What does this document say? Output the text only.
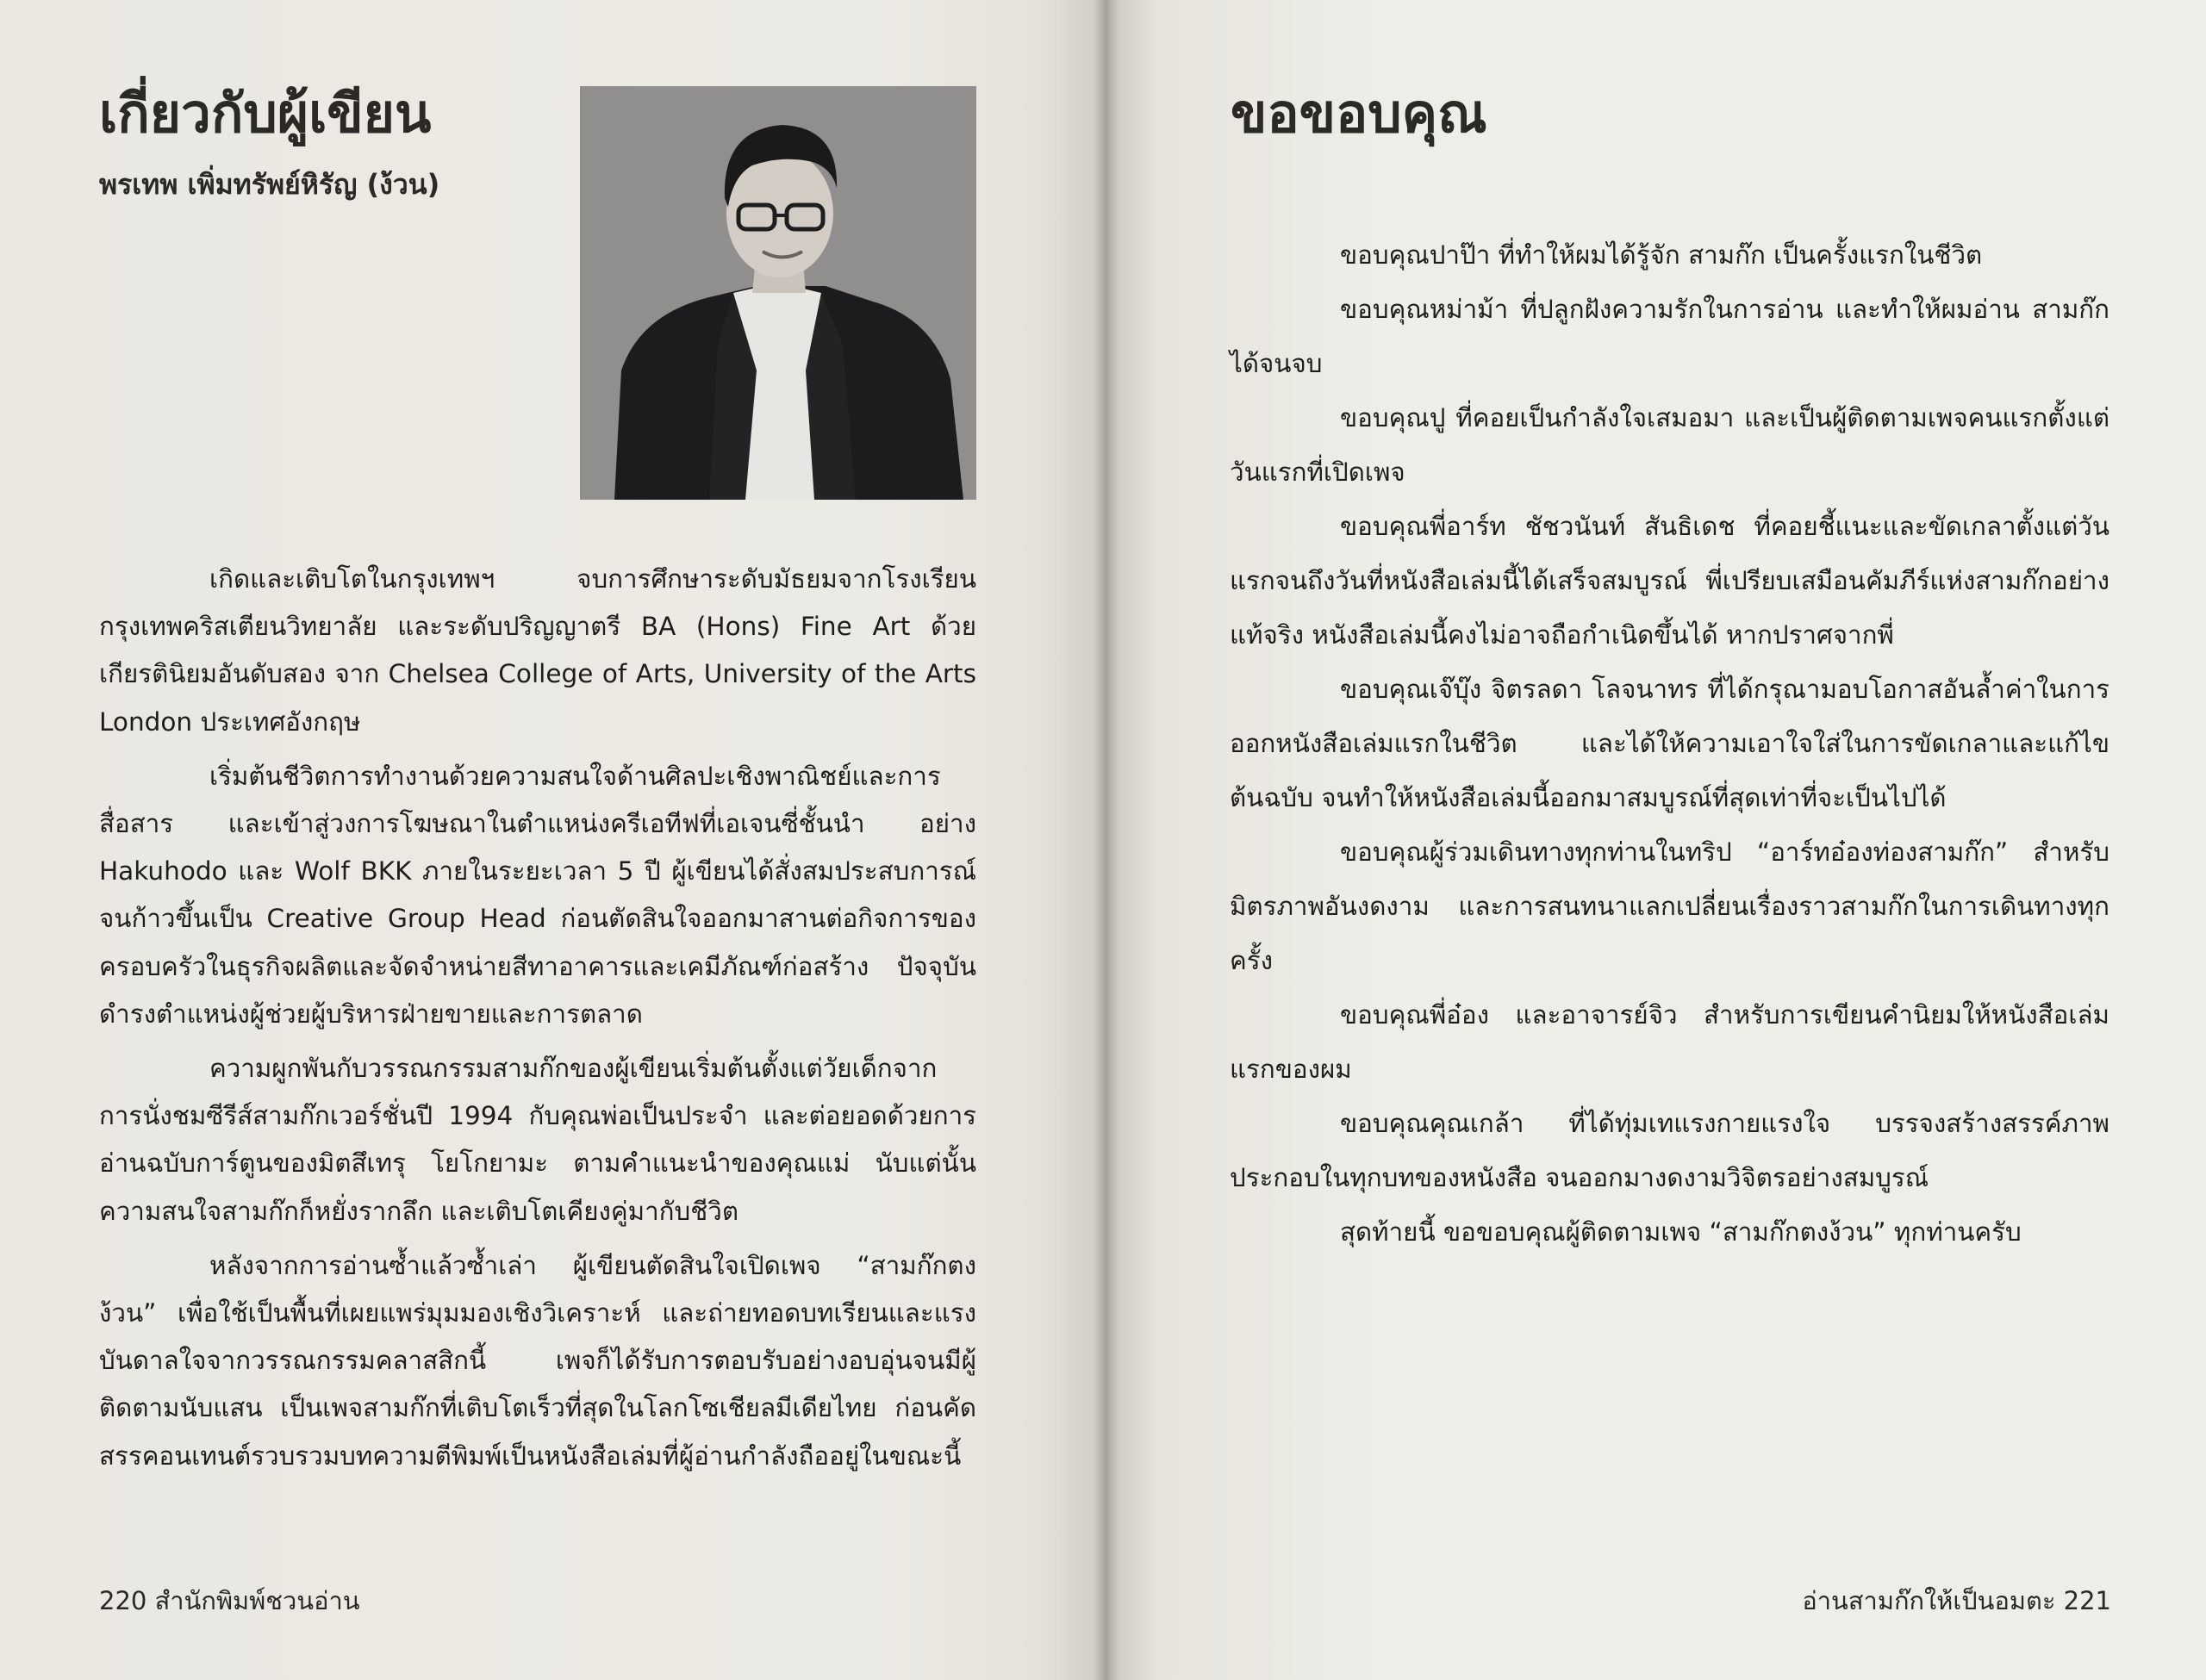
เกี่ยวกับผู้เขียน
พรเทพ เพิ่มทรัพย์หิรัญ (ง้วน)

เกิดและเติบโตในกรุงเทพฯ จบการศึกษาระดับมัธยมจากโรงเรียนกรุงเทพคริสเตียนวิทยาลัย และระดับปริญญาตรี BA (Hons) Fine Art ด้วยเกียรตินิยมอันดับสอง จาก Chelsea College of Arts, University of the Arts London ประเทศอังกฤษ

เริ่มต้นชีวิตการทำงานด้วยความสนใจด้านศิลปะเชิงพาณิชย์และการสื่อสาร และเข้าสู่วงการโฆษณาในตำแหน่งครีเอทีฟที่เอเจนซี่ชั้นนำ อย่าง Hakuhodo และ Wolf BKK ภายในระยะเวลา 5 ปี ผู้เขียนได้สั่งสมประสบการณ์จนก้าวขึ้นเป็น Creative Group Head ก่อนตัดสินใจออกมาสานต่อกิจการของครอบครัวในธุรกิจผลิตและจัดจำหน่ายสีทาอาคารและเคมีภัณฑ์ก่อสร้าง ปัจจุบันดำรงตำแหน่งผู้ช่วยผู้บริหารฝ่ายขายและการตลาด

ความผูกพันกับวรรณกรรมสามก๊กของผู้เขียนเริ่มต้นตั้งแต่วัยเด็กจากการนั่งชมซีรีส์สามก๊กเวอร์ชั่นปี 1994 กับคุณพ่อเป็นประจำ และต่อยอดด้วยการอ่านฉบับการ์ตูนของมิตสึเทรุ โยโกยามะ ตามคำแนะนำของคุณแม่ นับแต่นั้นความสนใจสามก๊กก็หยั่งรากลึก และเติบโตเคียงคู่มากับชีวิต

หลังจากการอ่านซ้ำแล้วซ้ำเล่า ผู้เขียนตัดสินใจเปิดเพจ “สามก๊กตงง้วน” เพื่อใช้เป็นพื้นที่เผยแพร่มุมมองเชิงวิเคราะห์ และถ่ายทอดบทเรียนและแรงบันดาลใจจากวรรณกรรมคลาสสิกนี้ เพจก็ได้รับการตอบรับอย่างอบอุ่นจนมีผู้ติดตามนับแสน เป็นเพจสามก๊กที่เติบโตเร็วที่สุดในโลกโซเชียลมีเดียไทย ก่อนคัดสรรคอนเทนต์รวบรวมบทความตีพิมพ์เป็นหนังสือเล่มที่ผู้อ่านกำลังถืออยู่ในขณะนี้

220 สำนักพิมพ์ชวนอ่าน
ขอขอบคุณ
อ่านสามก๊กให้เป็นอมตะ 221

ขอบคุณปาป๊า ที่ทำให้ผมได้รู้จัก สามก๊ก เป็นครั้งแรกในชีวิต

ขอบคุณหม่าม้า ที่ปลูกฝังความรักในการอ่าน และทำให้ผมอ่าน สามก๊ก ได้จนจบ

ขอบคุณปู ที่คอยเป็นกำลังใจเสมอมา และเป็นผู้ติดตามเพจคนแรกตั้งแต่วันแรกที่เปิดเพจ

ขอบคุณพี่อาร์ท ชัชวนันท์ สันธิเดช ที่คอยชี้แนะและขัดเกลาตั้งแต่วันแรกจนถึงวันที่หนังสือเล่มนี้ได้เสร็จสมบูรณ์ พี่เปรียบเสมือนคัมภีร์แห่งสามก๊กอย่างแท้จริง หนังสือเล่มนี้คงไม่อาจถือกำเนิดขึ้นได้ หากปราศจากพี่

ขอบคุณเจ๊บุ๊ง จิตรลดา โลจนาทร ที่ได้กรุณามอบโอกาสอันล้ำค่าในการออกหนังสือเล่มแรกในชีวิต และได้ให้ความเอาใจใส่ในการขัดเกลาและแก้ไขต้นฉบับ จนทำให้หนังสือเล่มนี้ออกมาสมบูรณ์ที่สุดเท่าที่จะเป็นไปได้

ขอบคุณผู้ร่วมเดินทางทุกท่านในทริป “อาร์ทอ๋องท่องสามก๊ก” สำหรับมิตรภาพอันงดงาม และการสนทนาแลกเปลี่ยนเรื่องราวสามก๊กในการเดินทางทุกครั้ง

ขอบคุณพี่อ๋อง และอาจารย์จิว สำหรับการเขียนคำนิยมให้หนังสือเล่มแรกของผม

ขอบคุณคุณเกล้า ที่ได้ทุ่มเทแรงกายแรงใจ บรรจงสร้างสรรค์ภาพประกอบในทุกบทของหนังสือ จนออกมางดงามวิจิตรอย่างสมบูรณ์

สุดท้ายนี้ ขอขอบคุณผู้ติดตามเพจ “สามก๊กตงง้วน” ทุกท่านครับ
